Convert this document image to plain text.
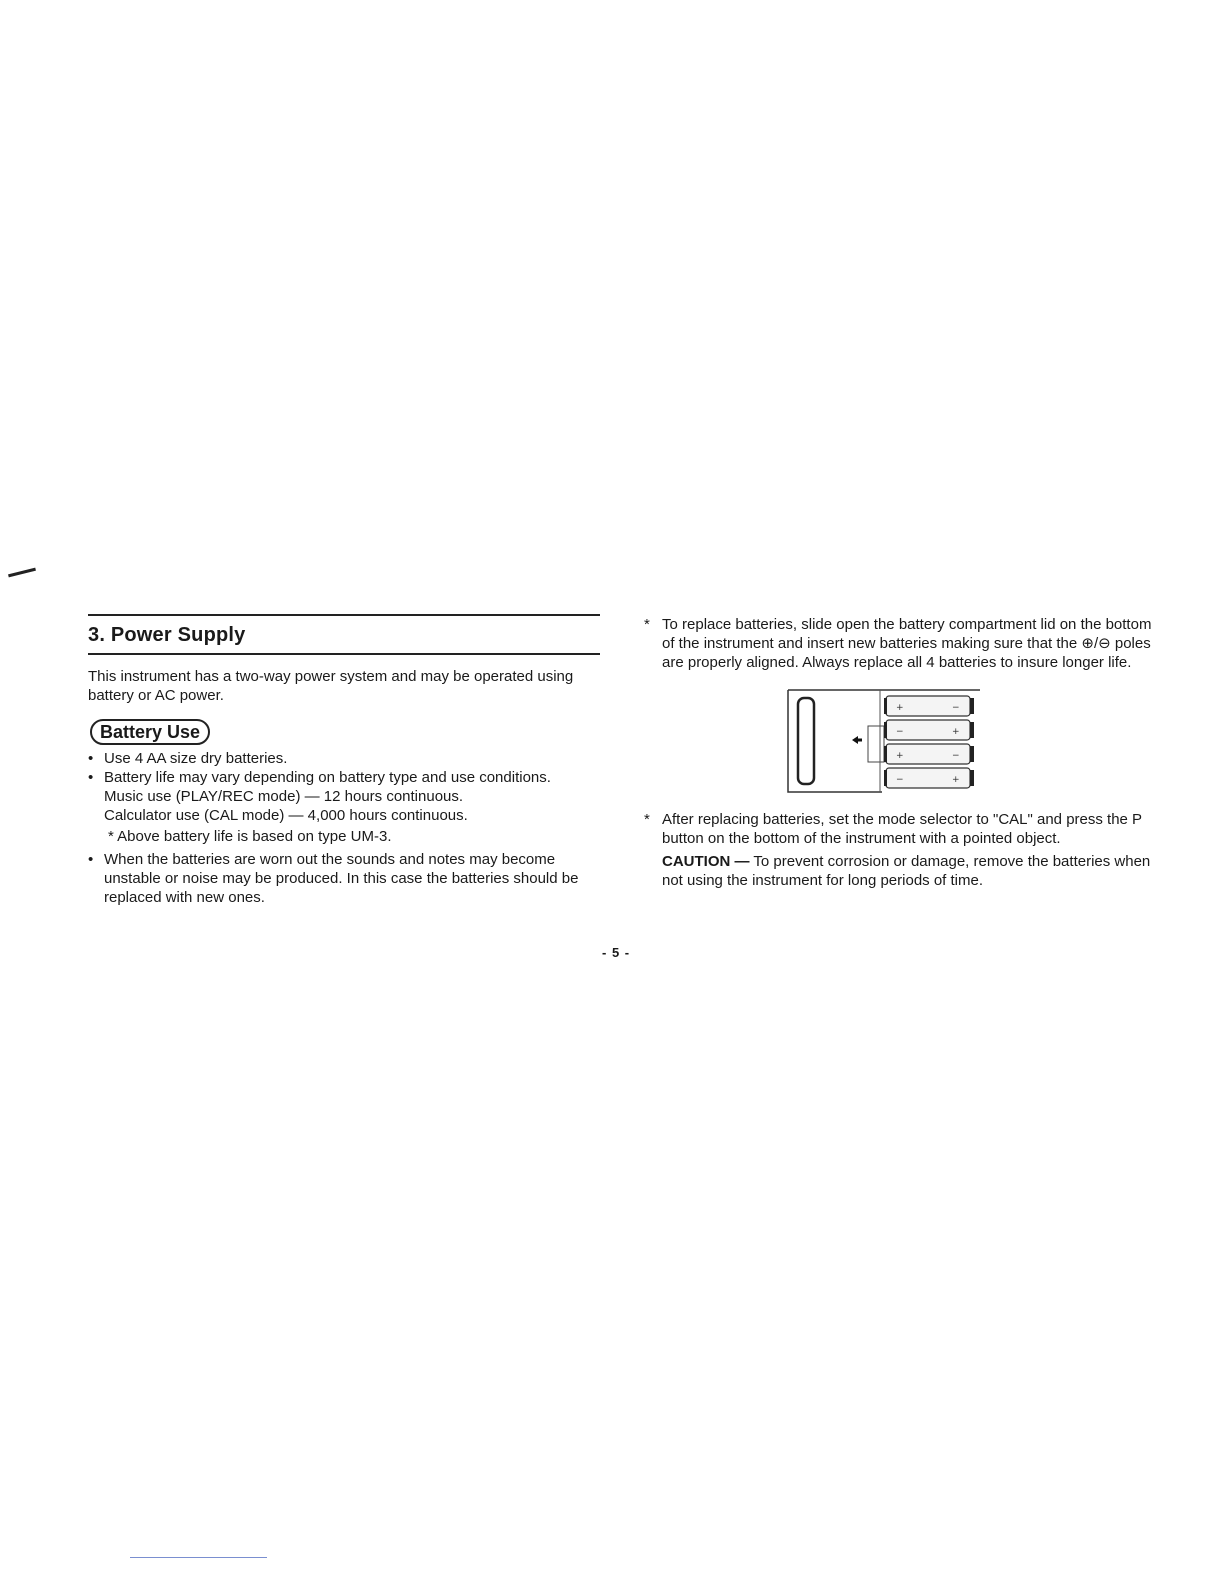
3. Power Supply

This instrument has a two-way power system and may be operated using battery or AC power.

Battery Use
• Use 4 AA size dry batteries.
• Battery life may vary depending on battery type and use conditions.
Music use (PLAY/REC mode) — 12 hours continuous.
Calculator use (CAL mode) — 4,000 hours continuous.
* Above battery life is based on type UM-3.
• When the batteries are worn out the sounds and notes may become unstable or noise may be produced. In this case the batteries should be replaced with new ones.
- 5 -

* To replace batteries, slide open the battery compartment lid on the bottom of the instrument and insert new batteries making sure that the ⊕/⊖ poles are properly aligned. Always replace all 4 batteries to insure longer life.

+	−
−	+
+	−
−	+

* After replacing batteries, set the mode selector to "CAL" and press the P button on the bottom of the instrument with a pointed object.

CAUTION — To prevent corrosion or damage, remove the batteries when not using the instrument for long periods of time.
